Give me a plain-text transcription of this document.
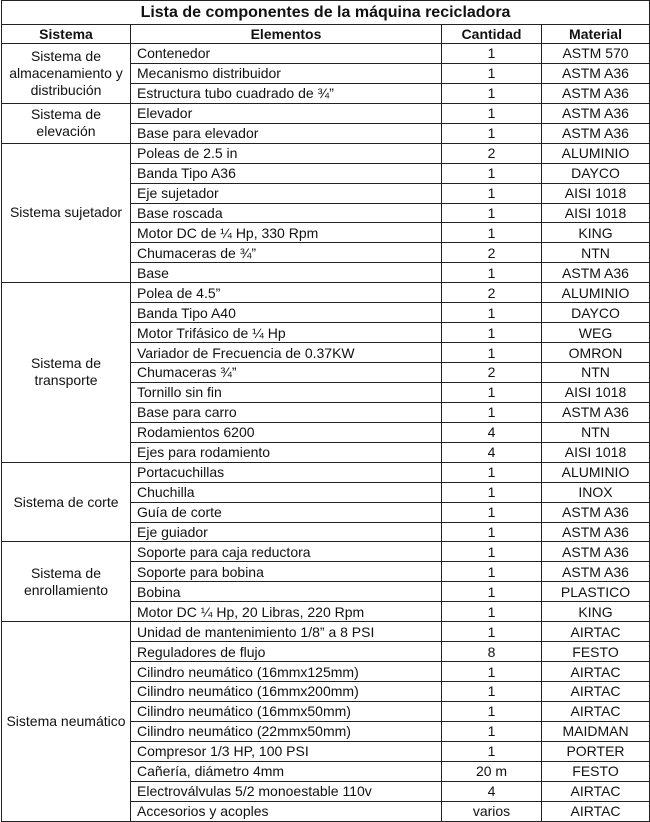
Lista de componentes de la máquina recicladora			
Sistema	Elementos	Cantidad	Material
Sistema de almacenamiento y distribución	Contenedor	1	ASTM 570
	Mecanismo distribuidor	1	ASTM A36
	Estructura tubo cuadrado de ¾”	1	ASTM A36
Sistema de elevación	Elevador	1	ASTM A36
	Base para elevador	1	ASTM A36
Sistema sujetador	Poleas de 2.5 in	2	ALUMINIO
	Banda Tipo A36	1	DAYCO
	Eje sujetador	1	AISI 1018
	Base roscada	1	AISI 1018
	Motor DC de ¼ Hp, 330 Rpm	1	KING
	Chumaceras de ¾”	2	NTN
	Base	1	ASTM A36
Sistema de transporte	Polea de 4.5”	2	ALUMINIO
	Banda Tipo A40	1	DAYCO
	Motor Trifásico de ¼ Hp	1	WEG
	Variador de Frecuencia de 0.37KW	1	OMRON
	Chumaceras ¾”	2	NTN
	Tornillo sin fin	1	AISI 1018
	Base para carro	1	ASTM A36
	Rodamientos 6200	4	NTN
	Ejes para rodamiento	4	AISI 1018
Sistema de corte	Portacuchillas	1	ALUMINIO
	Chuchilla	1	INOX
	Guía de corte	1	ASTM A36
	Eje guiador	1	ASTM A36
Sistema de enrollamiento	Soporte para caja reductora	1	ASTM A36
	Soporte para bobina	1	ASTM A36
	Bobina	1	PLASTICO
	Motor DC ¼ Hp, 20 Libras, 220 Rpm	1	KING
Sistema neumático	Unidad de mantenimiento 1/8” a 8 PSI	1	AIRTAC
	Reguladores de flujo	8	FESTO
	Cilindro neumático (16mmx125mm)	1	AIRTAC
	Cilindro neumático (16mmx200mm)	1	AIRTAC
	Cilindro neumático (16mmx50mm)	1	AIRTAC
	Cilindro neumático (22mmx50mm)	1	MAIDMAN
	Compresor 1/3 HP, 100 PSI	1	PORTER
	Cañería, diámetro 4mm	20 m	FESTO
	Electroválvulas 5/2 monoestable 110v	4	AIRTAC
	Accesorios y acoples	varios	AIRTAC
